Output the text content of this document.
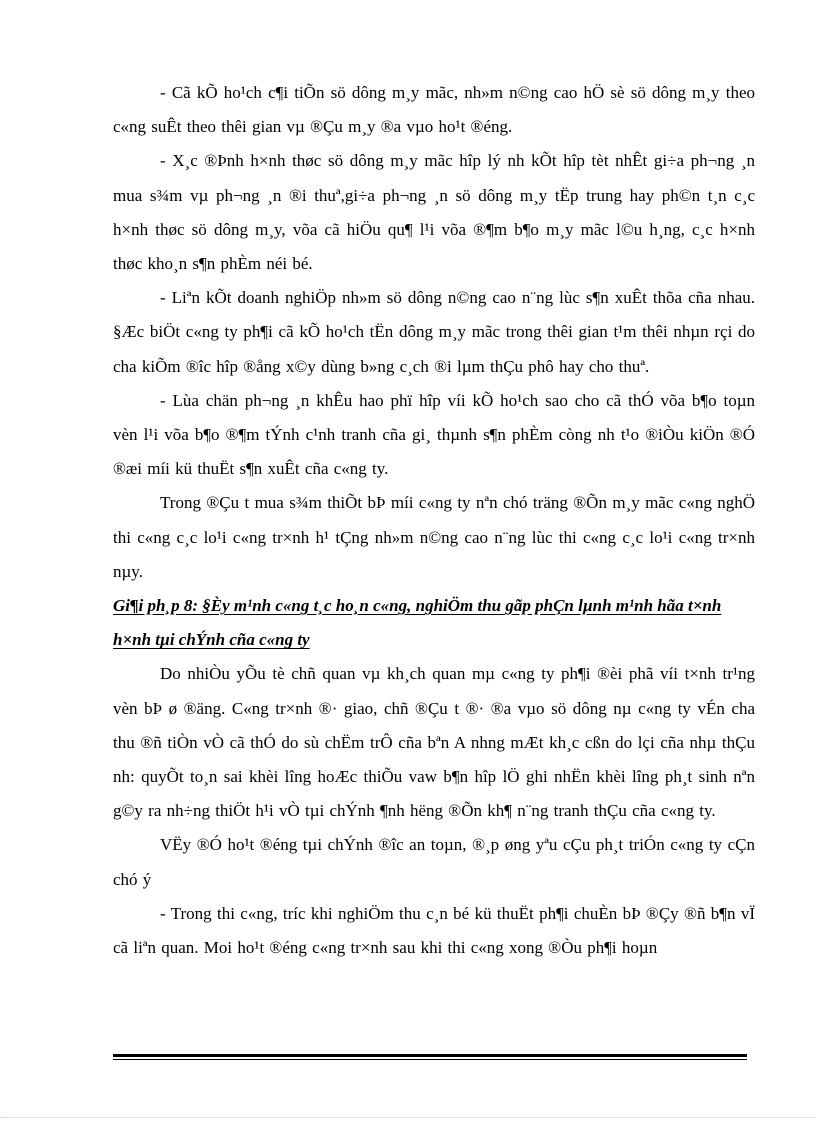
- Cã kÕ ho¹ch c¶i tiÕn sö dông m¸y mãc, nh»m n©ng cao hÖ sè sö dông m¸y theo c«ng suÊt theo thêi gian vµ ®Çu m¸y ®a vµo ho¹t ®éng.

- X¸c ®Þnh h×nh thøc sö dông m¸y mãc hîp lý nh kÕt hîp tèt nhÊt gi÷a ph¬ng ¸n mua s¾m vµ ph¬ng ¸n ®i thuª,gi÷a ph¬ng ¸n sö dông m¸y tËp trung hay ph©n t¸n c¸c h×nh thøc sö dông m¸y, võa cã hiÖu qu¶ l¹i võa ®¶m b¶o m¸y mãc l©u h¸ng, c¸c h×nh thøc kho¸n s¶n phÈm néi bé.

- Liªn kÕt doanh nghiÖp nh»m sö dông n©ng cao n¨ng lùc s¶n xuÊt thõa cña nhau. §Æc biÖt c«ng ty ph¶i cã kÕ ho¹ch tËn dông m¸y mãc trong thêi gian t¹m thêi nhµn rçi do cha kiÕm ®îc hîp ®ång x©y dùng b»ng c¸ch ®i lµm thÇu phô hay cho thuª.

- Lùa chän ph¬ng ¸n khÊu hao phï hîp víi kÕ ho¹ch sao cho cã thÓ võa b¶o toµn vèn l¹i võa b¶o ®¶m tÝnh c¹nh tranh cña gi¸ thµnh s¶n phÈm còng nh t¹o ®iÒu kiÖn ®Ó ®æi míi kü thuËt s¶n xuÊt cña c«ng ty.

Trong ®Çu t mua s¾m thiÕt bÞ míi c«ng ty nªn chó träng ®Õn m¸y mãc c«ng nghÖ thi c«ng c¸c lo¹i c«ng tr×nh h¹ tÇng nh»m n©ng cao n¨ng lùc thi c«ng c¸c lo¹i c«ng tr×nh nµy.

Gi¶i ph¸p 8: §Èy m¹nh c«ng t¸c ho¸n c«ng, nghiÖm thu gãp phÇn lµnh m¹nh hãa t×nh h×nh tµi chÝnh cña c«ng ty

Do nhiÒu yÕu tè chñ quan vµ kh¸ch quan mµ c«ng ty ph¶i ®èi phã víi t×nh tr¹ng vèn bÞ ø ®äng. C«ng tr×nh ®· giao, chñ ®Çu t ®· ®a vµo sö dông nµ c«ng ty vÉn cha thu ®ñ tiÒn vÒ cã thÓ do sù chËm trÔ cña bªn A nhng mÆt kh¸c cßn do lçi cña nhµ thÇu nh: quyÕt to¸n sai khèi lîng hoÆc thiÕu vaw b¶n hîp lÖ ghi nhËn khèi lîng ph¸t sinh nªn g©y ra nh÷ng thiÖt h¹i vÒ tµi chÝnh ¶nh hëng ®Õn kh¶ n¨ng tranh thÇu cña c«ng ty.

VËy ®Ó ho¹t ®éng tµi chÝnh ®îc an toµn, ®¸p øng yªu cÇu ph¸t triÓn c«ng ty cÇn chó ý

- Trong thi c«ng, tríc khi nghiÖm thu c¸n bé kü thuËt ph¶i chuÈn bÞ ®Çy ®ñ b¶n vÏ cã liªn quan. Moi ho¹t ®éng c«ng tr×nh sau khi thi c«ng xong ®Òu ph¶i hoµn
